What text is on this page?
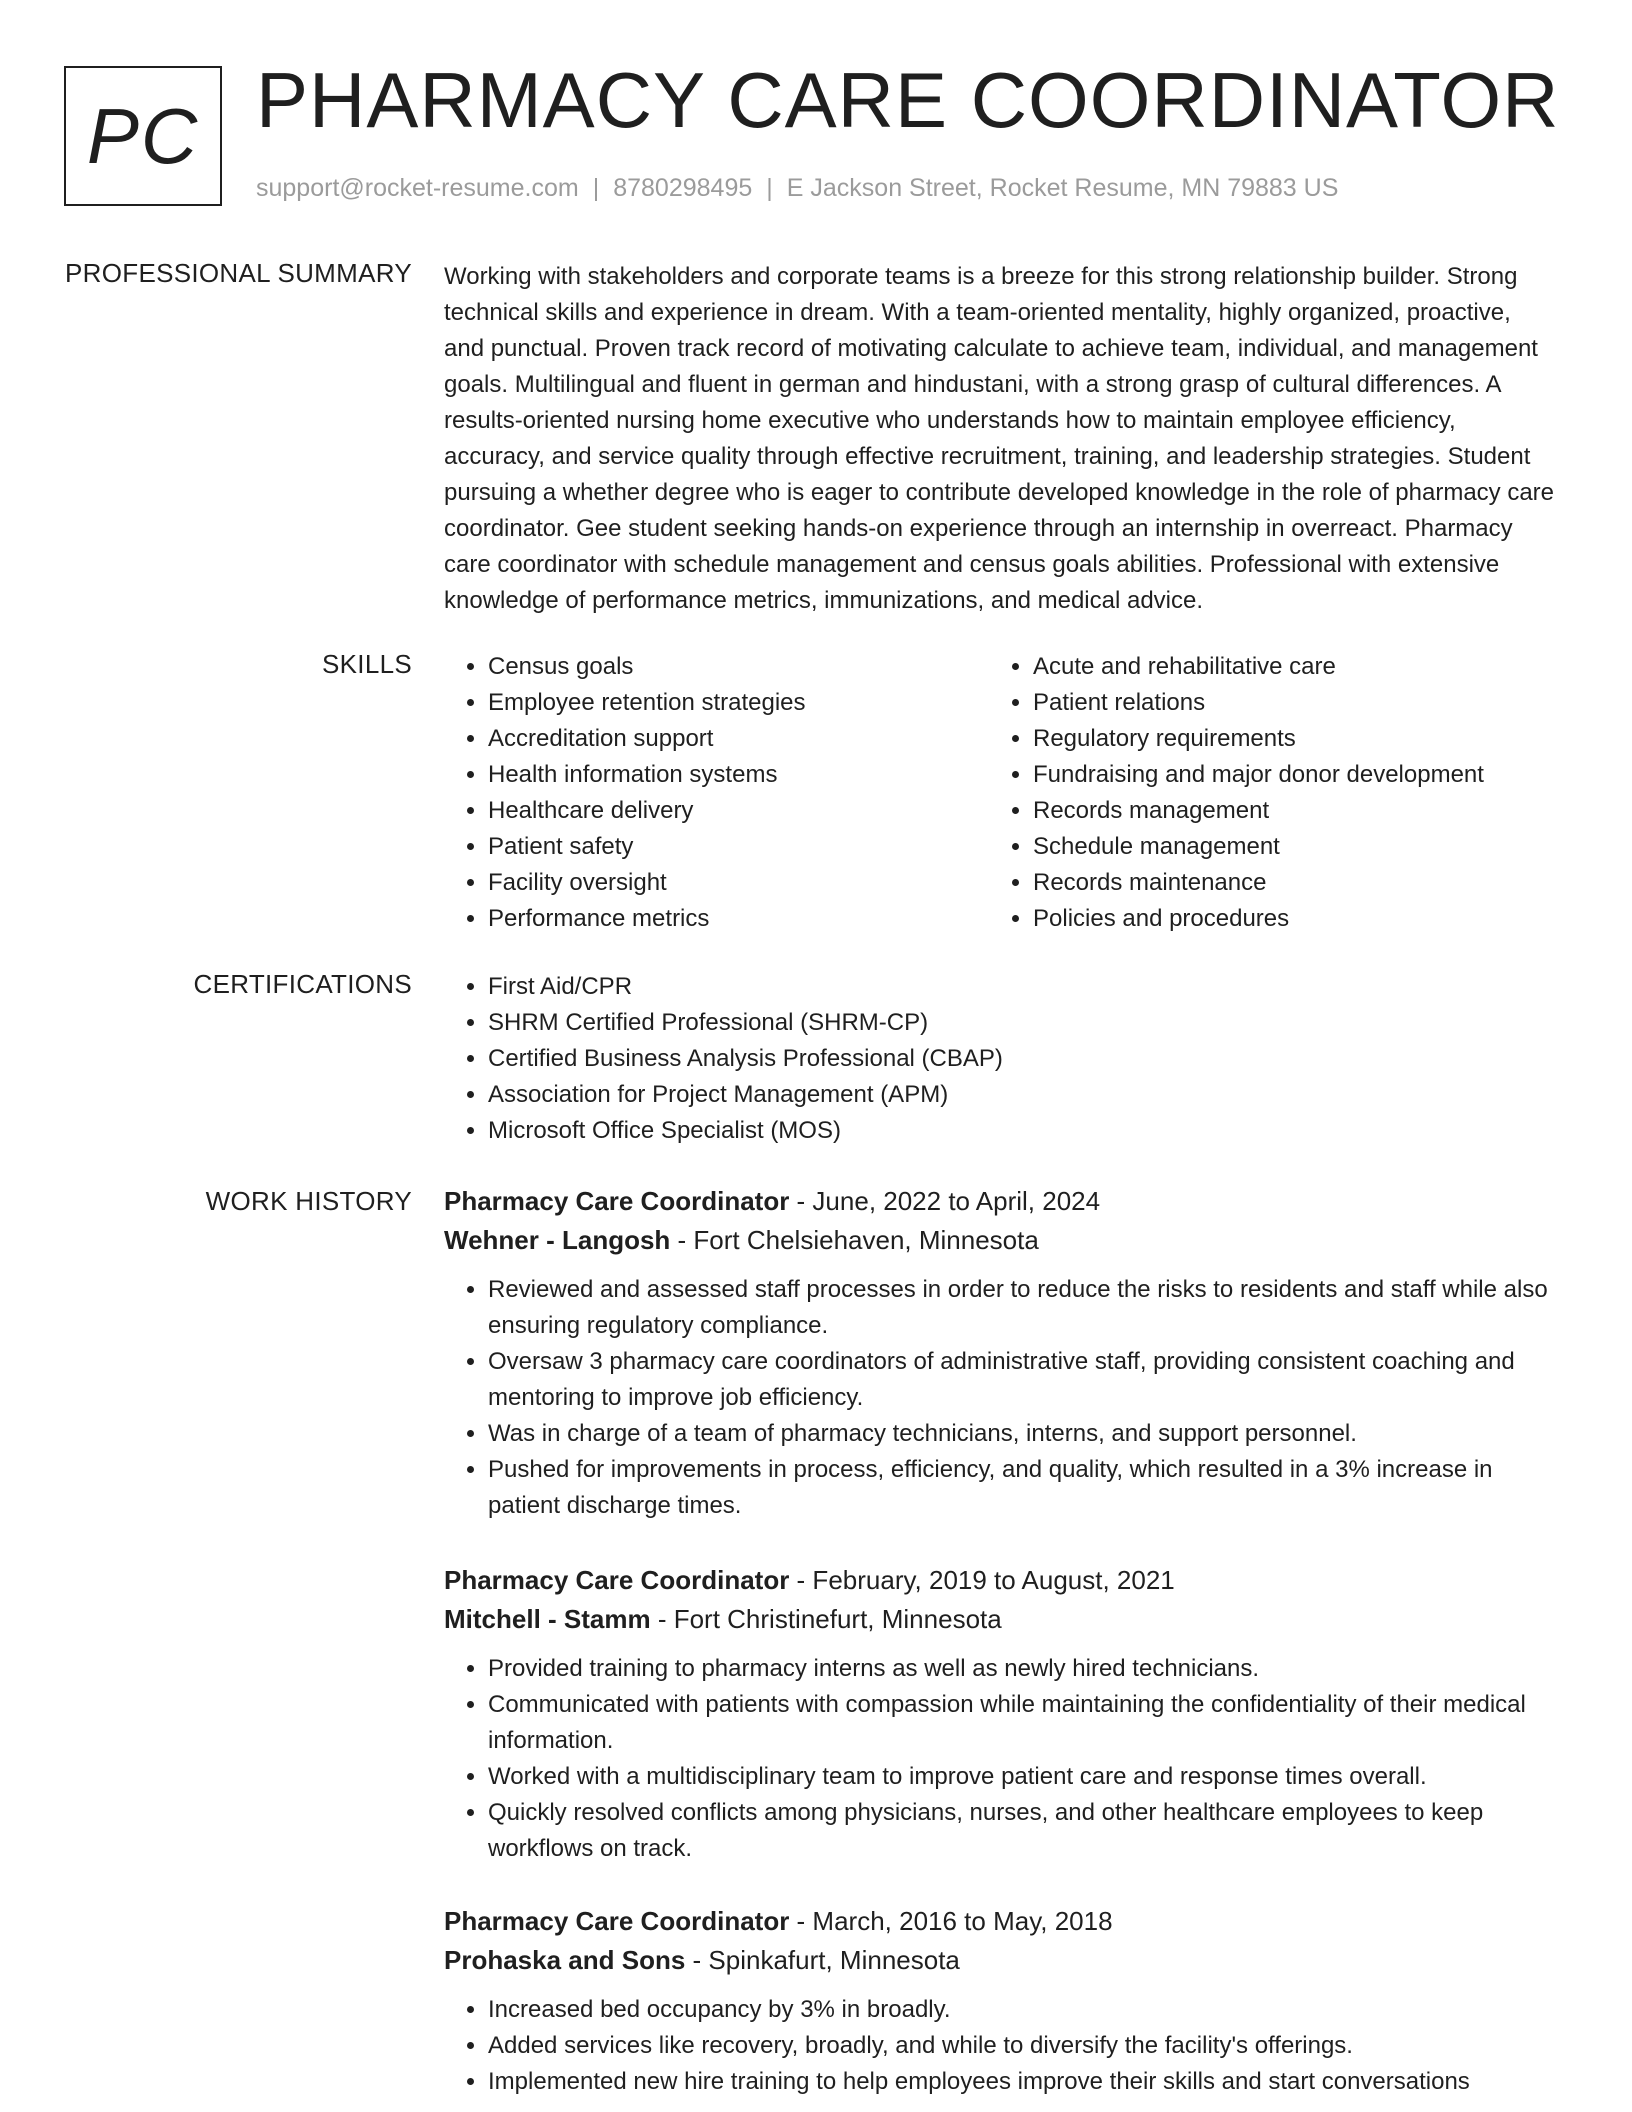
PC PHARMACY CARE COORDINATOR
support@rocket-resume.com | 8780298495 | E Jackson Street, Rocket Resume, MN 79883 US
PROFESSIONAL SUMMARY Working with stakeholders and corporate teams is a breeze for this strong relationship builder. Strong technical skills and experience in dream. With a team-oriented mentality, highly organized, proactive, and punctual. Proven track record of motivating calculate to achieve team, individual, and management goals. Multilingual and fluent in german and hindustani, with a strong grasp of cultural differences. A results-oriented nursing home executive who understands how to maintain employee efficiency, accuracy, and service quality through effective recruitment, training, and leadership strategies. Student pursuing a whether degree who is eager to contribute developed knowledge in the role of pharmacy care coordinator. Gee student seeking hands-on experience through an internship in overreact. Pharmacy care coordinator with schedule management and census goals abilities. Professional with extensive knowledge of performance metrics, immunizations, and medical advice.
SKILLS	• Census goals
• Employee retention strategies
• Accreditation support
• Health information systems
• Healthcare delivery
• Patient safety
• Facility oversight
• Performance metrics
• Acute and rehabilitative care
• Patient relations
• Regulatory requirements
• Fundraising and major donor development
• Records management
• Schedule management
• Records maintenance
• Policies and procedures
CERTIFICATIONS	• First Aid/CPR
• SHRM Certified Professional (SHRM-CP)
• Certified Business Analysis Professional (CBAP)
• Association for Project Management (APM)
• Microsoft Office Specialist (MOS)
WORK HISTORY Pharmacy Care Coordinator - June, 2022 to April, 2024
Wehner - Langosh - Fort Chelsiehaven, Minnesota
• Reviewed and assessed staff processes in order to reduce the risks to residents and staff while also ensuring regulatory compliance.
• Oversaw 3 pharmacy care coordinators of administrative staff, providing consistent coaching and mentoring to improve job efficiency.
• Was in charge of a team of pharmacy technicians, interns, and support personnel.
• Pushed for improvements in process, efficiency, and quality, which resulted in a 3% increase in patient discharge times.
Pharmacy Care Coordinator - February, 2019 to August, 2021
Mitchell - Stamm - Fort Christinefurt, Minnesota
• Provided training to pharmacy interns as well as newly hired technicians.
• Communicated with patients with compassion while maintaining the confidentiality of their medical information.
• Worked with a multidisciplinary team to improve patient care and response times overall.
• Quickly resolved conflicts among physicians, nurses, and other healthcare employees to keep workflows on track.
Pharmacy Care Coordinator - March, 2016 to May, 2018
Prohaska and Sons - Spinkafurt, Minnesota
• Increased bed occupancy by 3% in broadly.
• Added services like recovery, broadly, and while to diversify the facility's offerings.
• Implemented new hire training to help employees improve their skills and start conversations
